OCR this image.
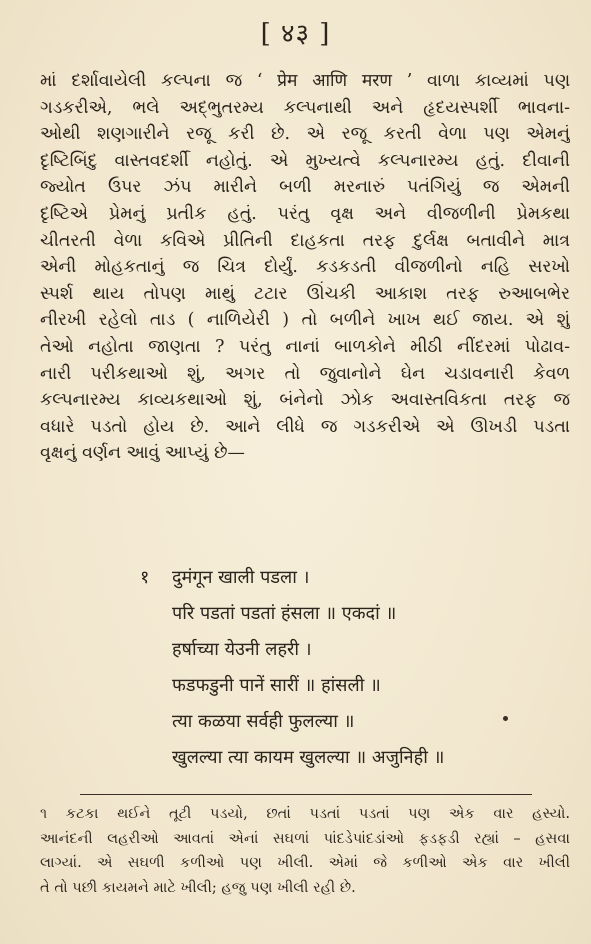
[ ४३ ]
માં દર્શાવાયેલી કલ્પના જ ‘ प्रेम आणि मरण ’ વાળા કાવ્યમાં પણ
ગડકરીએ, ભલે અદ્ભુતરમ્ય કલ્પનાથી અને હૃદયસ્પર્શી ભાવના-
ઓથી શણગારીને રજૂ કરી છે. એ રજૂ કરતી વેળા પણ એમનું
દૃષ્ટિબિંદુ વાસ્તવદર્શી નહોતું. એ મુખ્યત્વે કલ્પનારમ્ય હતું. દીવાની
જ્યોત ઉપર ઝંપ મારીને બળી મરનારું પતંગિયું જ એમની
દૃષ્ટિએ પ્રેમનું પ્રતીક હતું. પરંતુ વૃક્ષ અને વીજળીની પ્રેમકથા
ચીતરતી વેળા કવિએ પ્રીતિની દાહકતા તરફ દુર્લક્ષ બતાવીને માત્ર
એની મોહકતાનું જ ચિત્ર દોર્યું. કડકડતી વીજળીનો નહિ સરખો
સ્પર્શ થાય તોપણ માથું ટટાર ઊંચકી આકાશ તરફ રુઆબભેર
નીરખી રહેલો તાડ ( નાળિયેરી ) તો બળીને ખાખ થઈ જાય. એ શું
તેઓ નહોતા જાણતા ? પરંતુ નાનાં બાળકોને મીઠી નીંદરમાં પોઢાવ-
નારી પરીકથાઓ શું, અગર તો જુવાનોને ઘેન ચડાવનારી કેવળ
કલ્પનારમ્ય કાવ્યકથાઓ શું, બંનેનો ઝોક અવાસ્તવિકતા તરફ જ
વધારે પડતો હોય છે. આને લીધે જ ગડકરીએ એ ઊખડી પડતા
વૃક્ષનું વર્ણન આવું આપ્યું છે—
१ दुमंगून खाली पडला ।
परि पडतां पडतां हंसला ॥ एकदां ॥
हर्षाच्या येउनी लहरी ।
फडफडुनी पानें सारीं ॥ हांसली ॥
त्या कळया सर्वही फुलल्या ॥
खुलल्या त्या कायम खुलल्या ॥ अजुनिही ॥
૧ કટકા થઈને તૂટી પડયો, છતાં પડતાં પડતાં પણ એક વાર હસ્યો.
આનંદની લહરીઓ આવતાં એનાં સઘળાં પાંદડેપાંદડાંઓ ફડફડી રહ્યાં – હસવા
લાગ્યાં. એ સઘળી કળીઓ પણ ખીલી. એમાં જે કળીઓ એક વાર ખીલી
તે તો પછી કાયમને માટે ખીલી; હજુ પણ ખીલી રહી છે.
